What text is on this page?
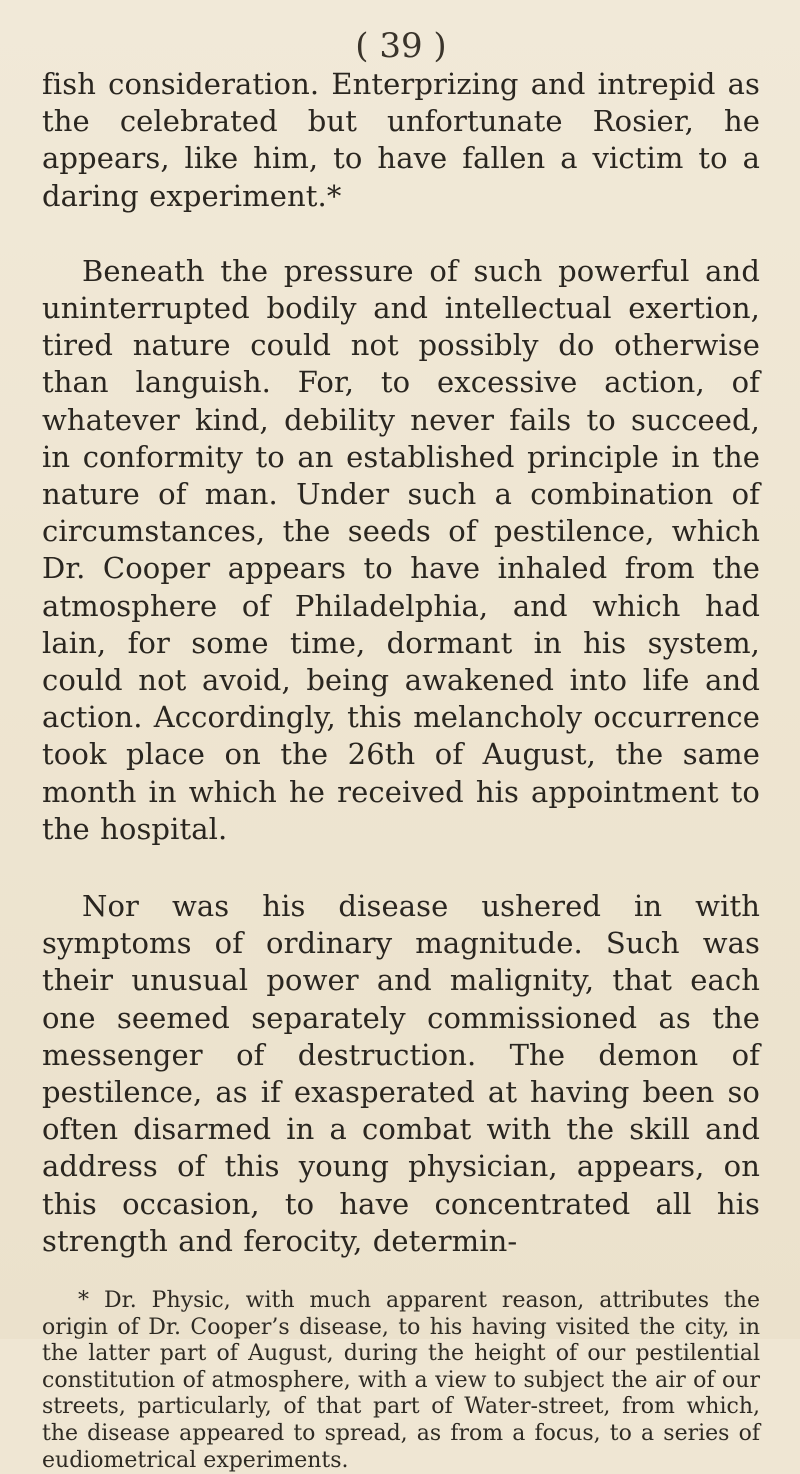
( 39 )

fish consideration. Enterprizing and intrepid as the celebrated but unfortunate Rosier, he appears, like him, to have fallen a victim to a daring experiment.*

Beneath the pressure of such powerful and uninterrupted bodily and intellectual exertion, tired nature could not possibly do otherwise than languish. For, to excessive action, of whatever kind, debility never fails to succeed, in conformity to an established principle in the nature of man. Under such a combination of circumstances, the seeds of pestilence, which Dr. Cooper appears to have inhaled from the atmosphere of Philadelphia, and which had lain, for some time, dormant in his system, could not avoid, being awakened into life and action. Accordingly, this melancholy occurrence took place on the 26th of August, the same month in which he received his appointment to the hospital.

Nor was his disease ushered in with symptoms of ordinary magnitude. Such was their unusual power and malignity, that each one seemed separately commissioned as the messenger of destruction. The demon of pestilence, as if exasperated at having been so often disarmed in a combat with the skill and address of this young physician, appears, on this occasion, to have concentrated all his strength and ferocity, determin-

* Dr. Physic, with much apparent reason, attributes the origin of Dr. Cooper’s disease, to his having visited the city, in the latter part of August, during the height of our pestilential constitution of atmosphere, with a view to subject the air of our streets, particularly, of that part of Water-street, from which, the disease appeared to spread, as from a focus, to a series of eudiometrical experiments.
